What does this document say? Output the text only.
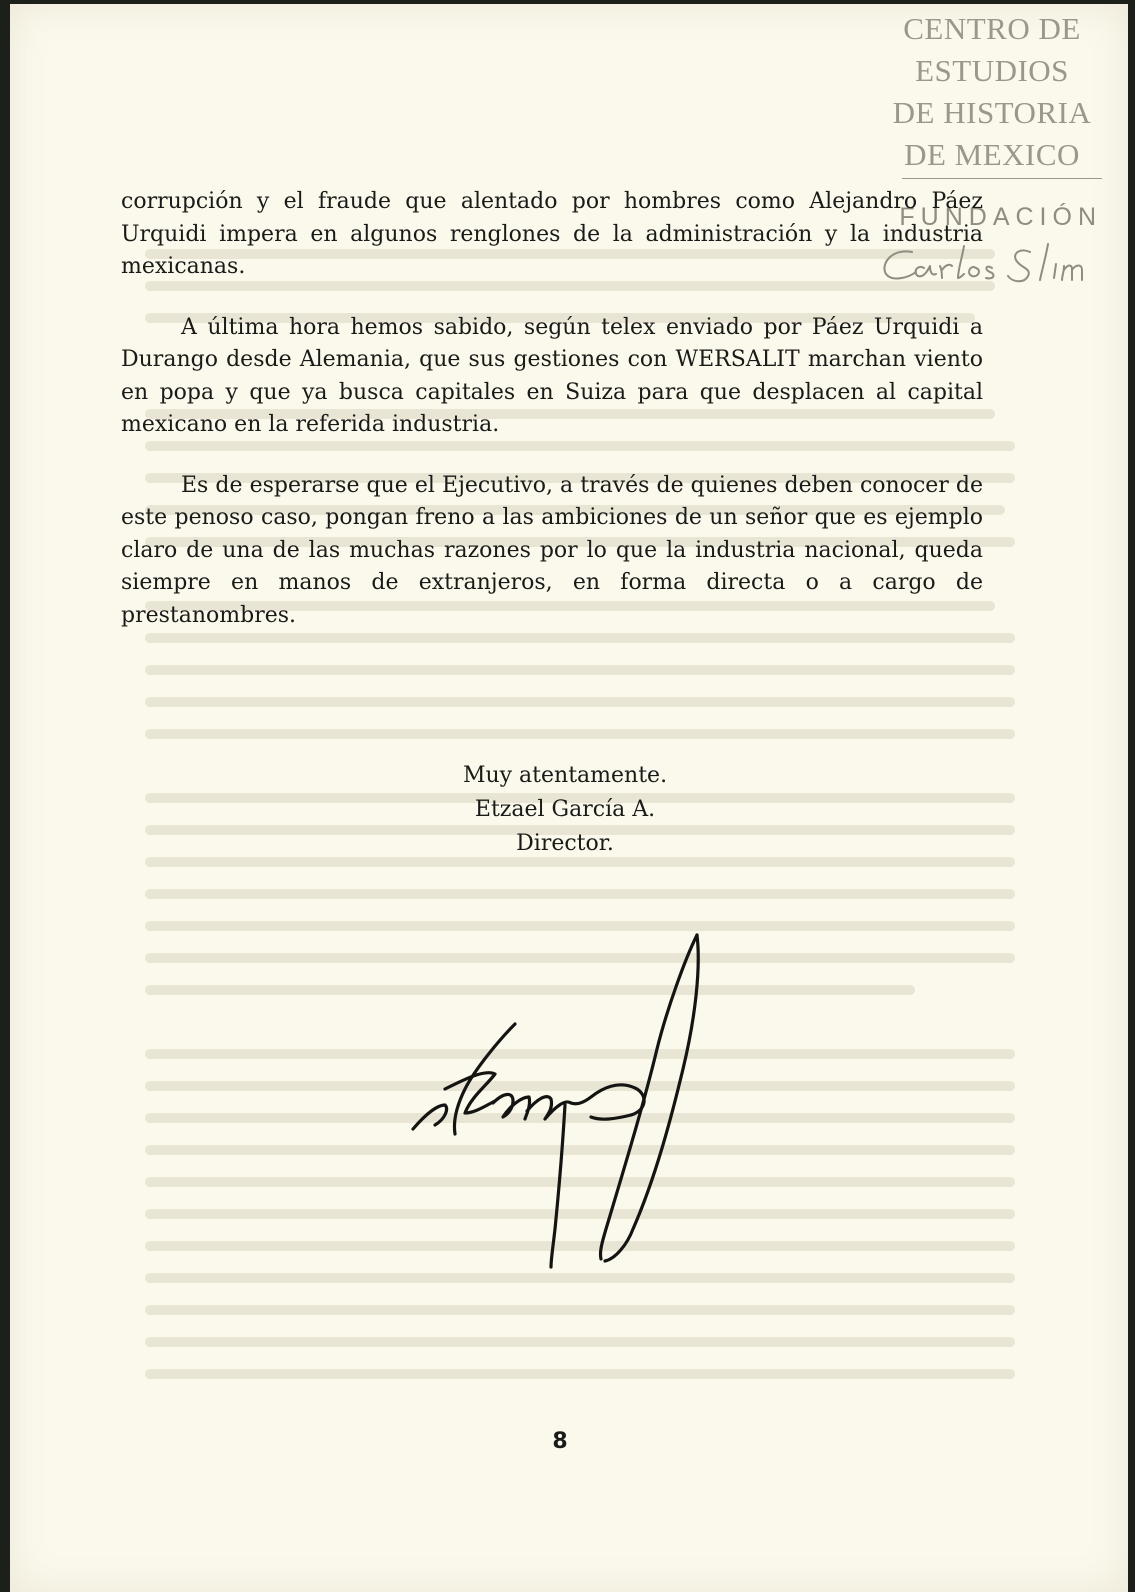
CENTRO DE
ESTUDIOS
DE HISTORIA
DE MEXICO
FUNDACIÓN

corrupción y el fraude que alentado por hombres como Alejandro Páez Urquidi impera en algunos renglones de la administración y la industria mexicanas.

A última hora hemos sabido, según telex enviado por Páez Urquidi a Durango desde Alemania, que sus gestiones con WERSALIT marchan viento en popa y que ya busca capitales en Suiza para que desplacen al capital mexicano en la referida industria.

Es de esperarse que el Ejecutivo, a través de quienes deben conocer de este penoso caso, pongan freno a las ambiciones de un señor que es ejemplo claro de una de las muchas razones por lo que la industria nacional, queda siempre en manos de extranjeros, en forma directa o a cargo de prestanombres.

Muy atentamente.
Etzael García A.
Director.
8
